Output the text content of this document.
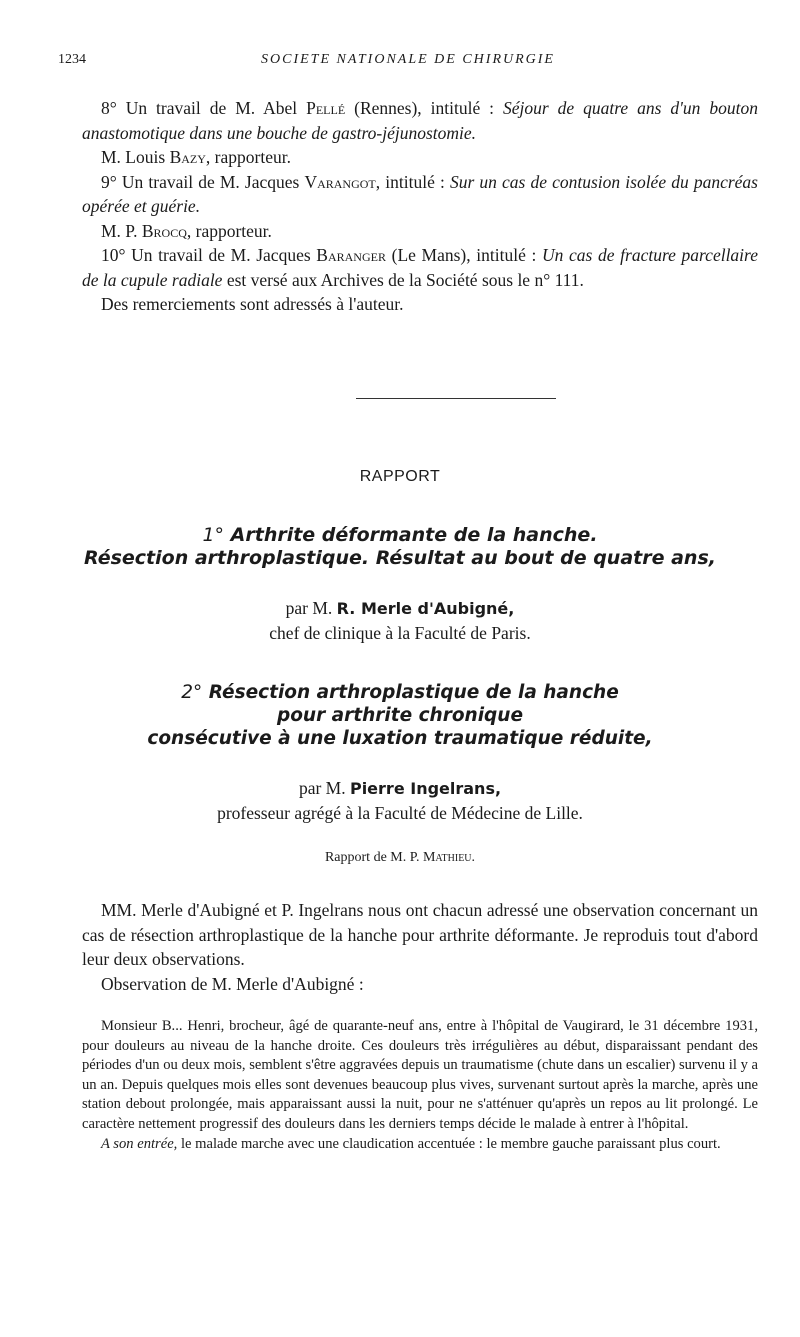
1234	SOCIETE NATIONALE DE CHIRURGIE

8° Un travail de M. Abel Pellé (Rennes), intitulé : Séjour de quatre ans d'un bouton anastomotique dans une bouche de gastro-jéjunostomie.

M. Louis Bazy, rapporteur.

9° Un travail de M. Jacques Varangot, intitulé : Sur un cas de contusion isolée du pancréas opérée et guérie.

M. P. Brocq, rapporteur.

10° Un travail de M. Jacques Baranger (Le Mans), intitulé : Un cas de fracture parcellaire de la cupule radiale est versé aux Archives de la Société sous le n° 111.

Des remerciements sont adressés à l'auteur.

RAPPORT
1° Arthrite déformante de la hanche.
Résection arthroplastique. Résultat au bout de quatre ans,
par M. R. Merle d'Aubigné,
chef de clinique à la Faculté de Paris.
2° Résection arthroplastique de la hanche
pour arthrite chronique
consécutive à une luxation traumatique réduite,
par M. Pierre Ingelrans,
professeur agrégé à la Faculté de Médecine de Lille.
Rapport de M. P. Mathieu.

MM. Merle d'Aubigné et P. Ingelrans nous ont chacun adressé une observation concernant un cas de résection arthroplastique de la hanche pour arthrite déformante. Je reproduis tout d'abord leur deux observations.

Observation de M. Merle d'Aubigné :

Monsieur B... Henri, brocheur, âgé de quarante-neuf ans, entre à l'hôpital de Vaugirard, le 31 décembre 1931, pour douleurs au niveau de la hanche droite. Ces douleurs très irrégulières au début, disparaissant pendant des périodes d'un ou deux mois, semblent s'être aggravées depuis un traumatisme (chute dans un escalier) survenu il y a un an. Depuis quelques mois elles sont devenues beaucoup plus vives, survenant surtout après la marche, après une station debout prolongée, mais apparaissant aussi la nuit, pour ne s'atténuer qu'après un repos au lit prolongé. Le caractère nettement progressif des douleurs dans les derniers temps décide le malade à entrer à l'hôpital.

A son entrée, le malade marche avec une claudication accentuée : le membre gauche paraissant plus court.
